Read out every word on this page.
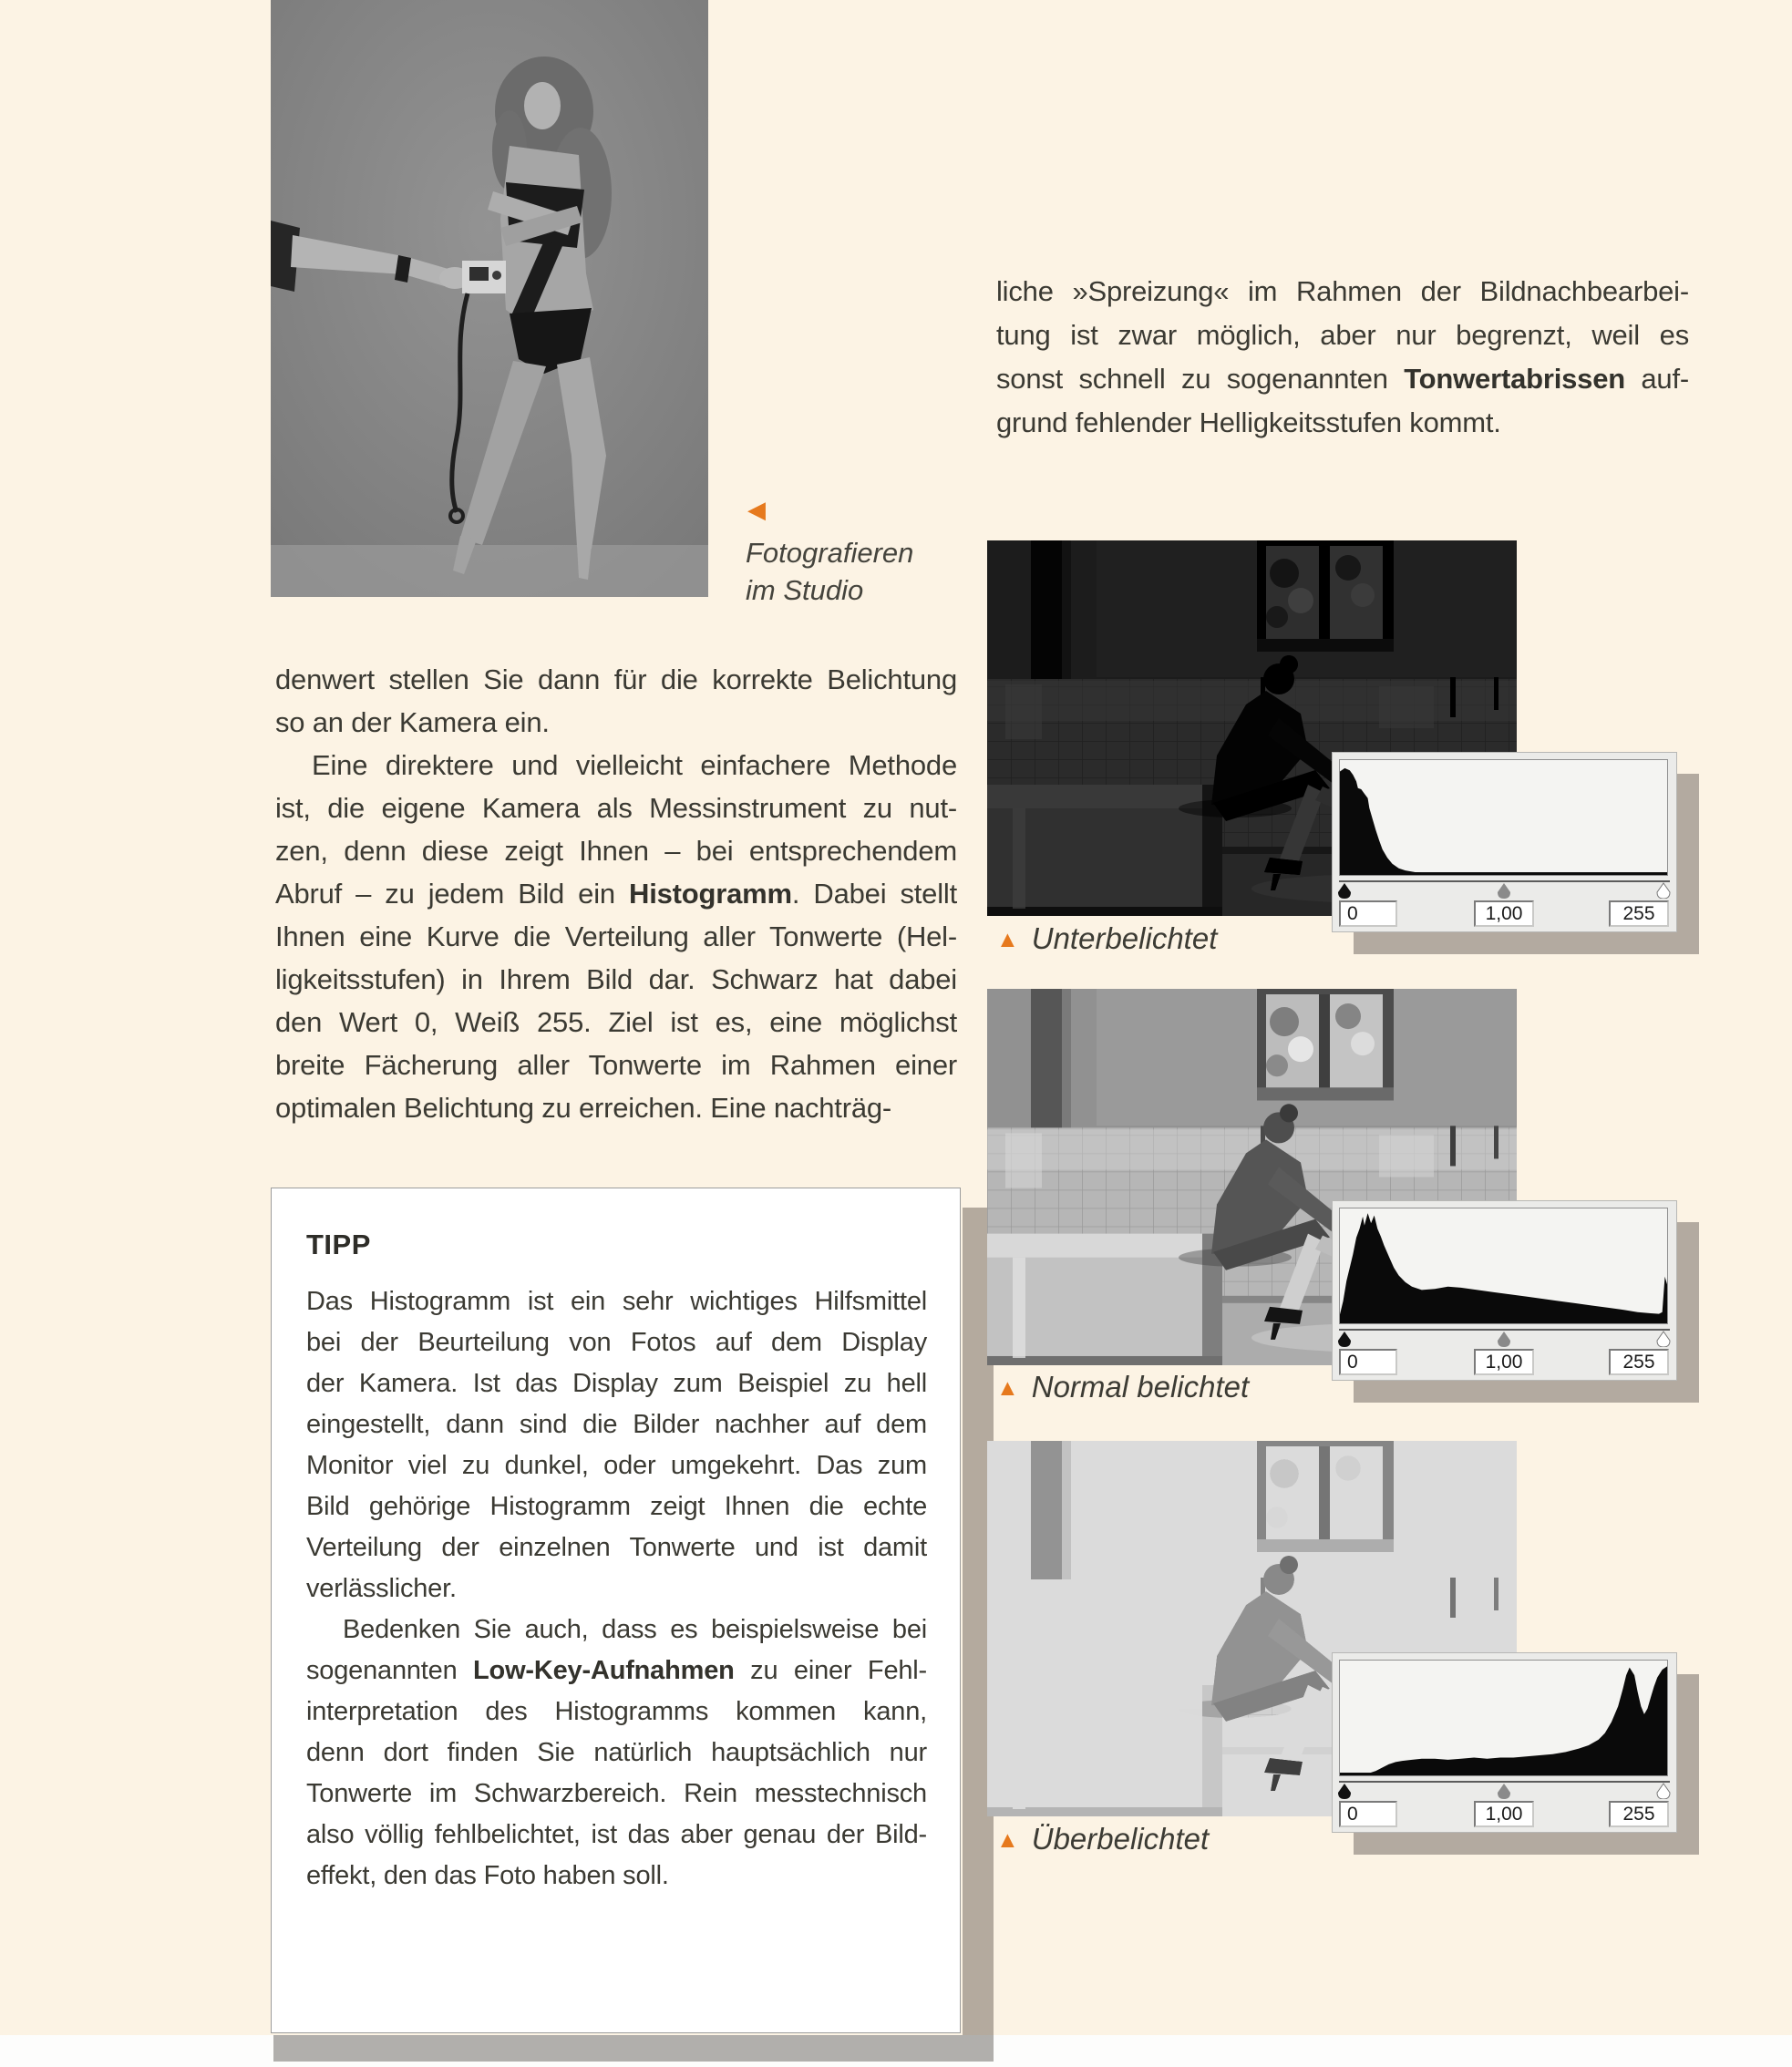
◀
Fotografieren
im Studio
liche »Spreizung« im Rahmen der Bildnachbearbei-
tung ist zwar möglich, aber nur begrenzt, weil es
sonst schnell zu sogenannten Tonwertabrissen auf-
grund fehlender Helligkeitsstufen kommt.
denwert stellen Sie dann für die korrekte Belichtung
so an der Kamera ein.
Eine direktere und vielleicht einfachere Methode
ist, die eigene Kamera als Messinstrument zu nut-
zen, denn diese zeigt Ihnen – bei entsprechendem
Abruf – zu jedem Bild ein Histogramm. Dabei stellt
Ihnen eine Kurve die Verteilung aller Tonwerte (Hel-
ligkeitsstufen) in Ihrem Bild dar. Schwarz hat dabei
den Wert 0, Weiß 255. Ziel ist es, eine möglichst
breite Fächerung aller Tonwerte im Rahmen einer
optimalen Belichtung zu erreichen. Eine nachträg-
TIPP
Das Histogramm ist ein sehr wichtiges Hilfsmittel
bei der Beurteilung von Fotos auf dem Display
der Kamera. Ist das Display zum Beispiel zu hell
eingestellt, dann sind die Bilder nachher auf dem
Monitor viel zu dunkel, oder umgekehrt. Das zum
Bild gehörige Histogramm zeigt Ihnen die echte
Verteilung der einzelnen Tonwerte und ist damit
verlässlicher.
Bedenken Sie auch, dass es beispielsweise bei
sogenannten Low-Key-Aufnahmen zu einer Fehl-
interpretation des Histogramms kommen kann,
denn dort finden Sie natürlich hauptsächlich nur
Tonwerte im Schwarzbereich. Rein messtechnisch
also völlig fehlbelichtet, ist das aber genau der Bild-
effekt, den das Foto haben soll.
0	1,00	255
▲ Unterbelichtet
0	1,00	255
▲ Normal belichtet
0	1,00	255
▲ Überbelichtet
